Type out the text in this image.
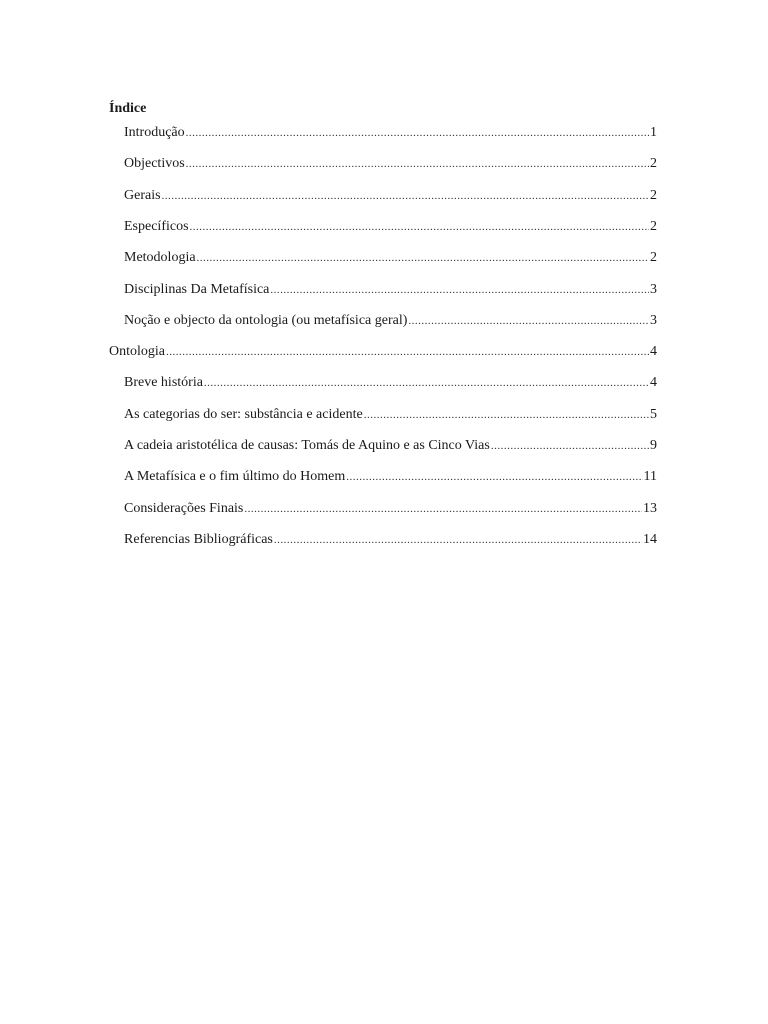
Índice
Introdução .....	1
Objectivos .....	2
Gerais .....	2
Específicos .....	2
Metodologia .....	2
Disciplinas Da Metafísica .....	3
Noção e objecto da ontologia (ou metafísica geral) .....	3
Ontologia .....	4
Breve história .....	4
As categorias do ser: substância e acidente .....	5
A cadeia aristotélica de causas: Tomás de Aquino e as Cinco Vias .....	9
A Metafísica e o fim último do Homem .....	11
Considerações Finais .....	13
Referencias Bibliográficas .....	14
